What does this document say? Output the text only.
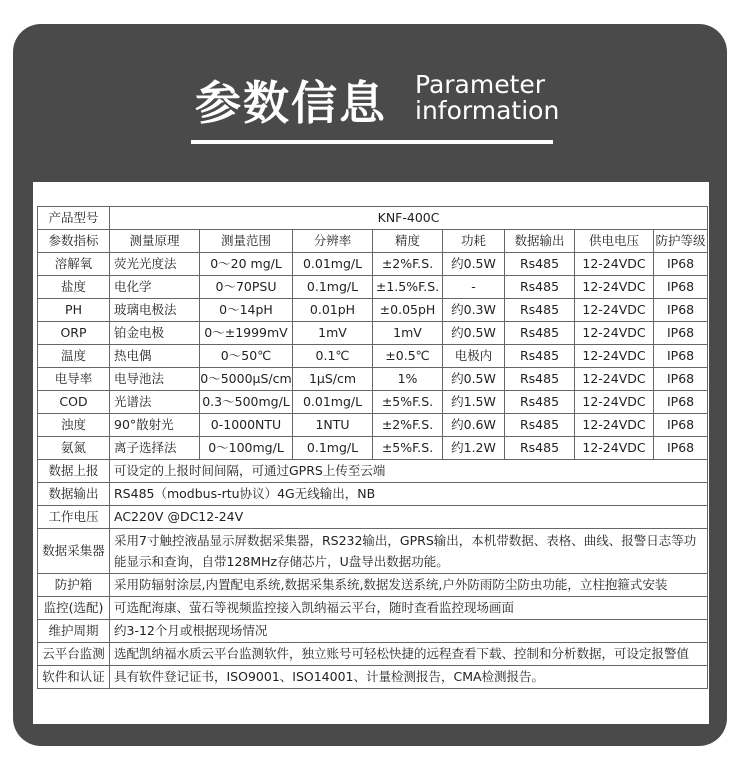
参数信息 Parameter
information
产品型号	KNF-400C							
参数指标	测量原理	测量范围	分辨率	精度	功耗	数据输出	供电电压	防护等级
溶解氧	荧光光度法	0～20 mg/L	0.01mg/L	±2%F.S.	约0.5W	Rs485	12-24VDC	IP68
盐度	电化学	0～70PSU	0.1mg/L	±1.5%F.S.	-	Rs485	12-24VDC	IP68
PH	玻璃电极法	0～14pH	0.01pH	±0.05pH	约0.3W	Rs485	12-24VDC	IP68
ORP	铂金电极	0～±1999mV	1mV	1mV	约0.5W	Rs485	12-24VDC	IP68
温度	热电偶	0～50℃	0.1℃	±0.5℃	电极内	Rs485	12-24VDC	IP68
电导率	电导池法	0～5000μS/cm	1μS/cm	1%	约0.5W	Rs485	12-24VDC	IP68
COD	光谱法	0.3～500mg/L	0.01mg/L	±5%F.S.	约1.5W	Rs485	12-24VDC	IP68
浊度	90°散射光	0-1000NTU	1NTU	±2%F.S.	约0.6W	Rs485	12-24VDC	IP68
氨氮	离子选择法	0～100mg/L	0.1mg/L	±5%F.S.	约1.2W	Rs485	12-24VDC	IP68
数据上报	可设定的上报时间间隔，可通过GPRS上传至云端							
数据输出	RS485（modbus-rtu协议）4G无线输出，NB							
工作电压	AC220V @DC12-24V							
数据采集器	采用7寸触控液晶显示屏数据采集器，RS232输出，GPRS输出，本机带数据、表格、曲线、报警日志等功能显示和查询，自带128MHz存储芯片，U盘导出数据功能。							
防护箱	采用防辐射涂层,内置配电系统,数据采集系统,数据发送系统,户外防雨防尘防虫功能，立柱抱箍式安装							
监控(选配)	可选配海康、萤石等视频监控接入凯纳福云平台，随时查看监控现场画面							
维护周期	约3-12个月或根据现场情况							
云平台监测	选配凯纳福水质云平台监测软件，独立账号可轻松快捷的远程查看下载、控制和分析数据，可设定报警值							
软件和认证	具有软件登记证书，ISO9001、ISO14001、计量检测报告，CMA检测报告。							
